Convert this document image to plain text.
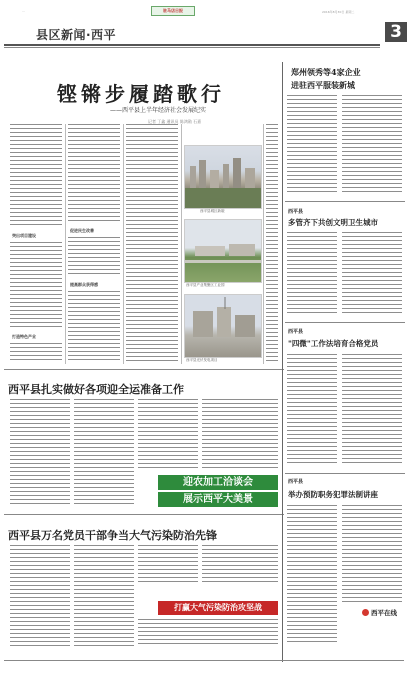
...	驻马店日报	2016年8月30日 星期二
县区新闻·西平	3
铿锵步履踏歌行
——西平县上半年经济社会发展纪实
记者 丁鑫 通讯员 陈鸿勋 石嘉
突出项目建设
打造特色产业
促进民生改善
提高群众获得感
西平县城区新貌
西平县产业集聚区工业园
西平县光伏发电项目
西平县扎实做好各项迎全运准备工作
迎农加工洽谈会
展示西平大美景
西平县万名党员干部争当大气污染防治先锋
打赢大气污染防治攻坚战
郑州领秀等4家企业
进驻西平服装新城
西平县
多管齐下共创文明卫生城市
西平县
"四微"工作法培育合格党员
西平县
举办预防职务犯罪法制讲座
西平在线
